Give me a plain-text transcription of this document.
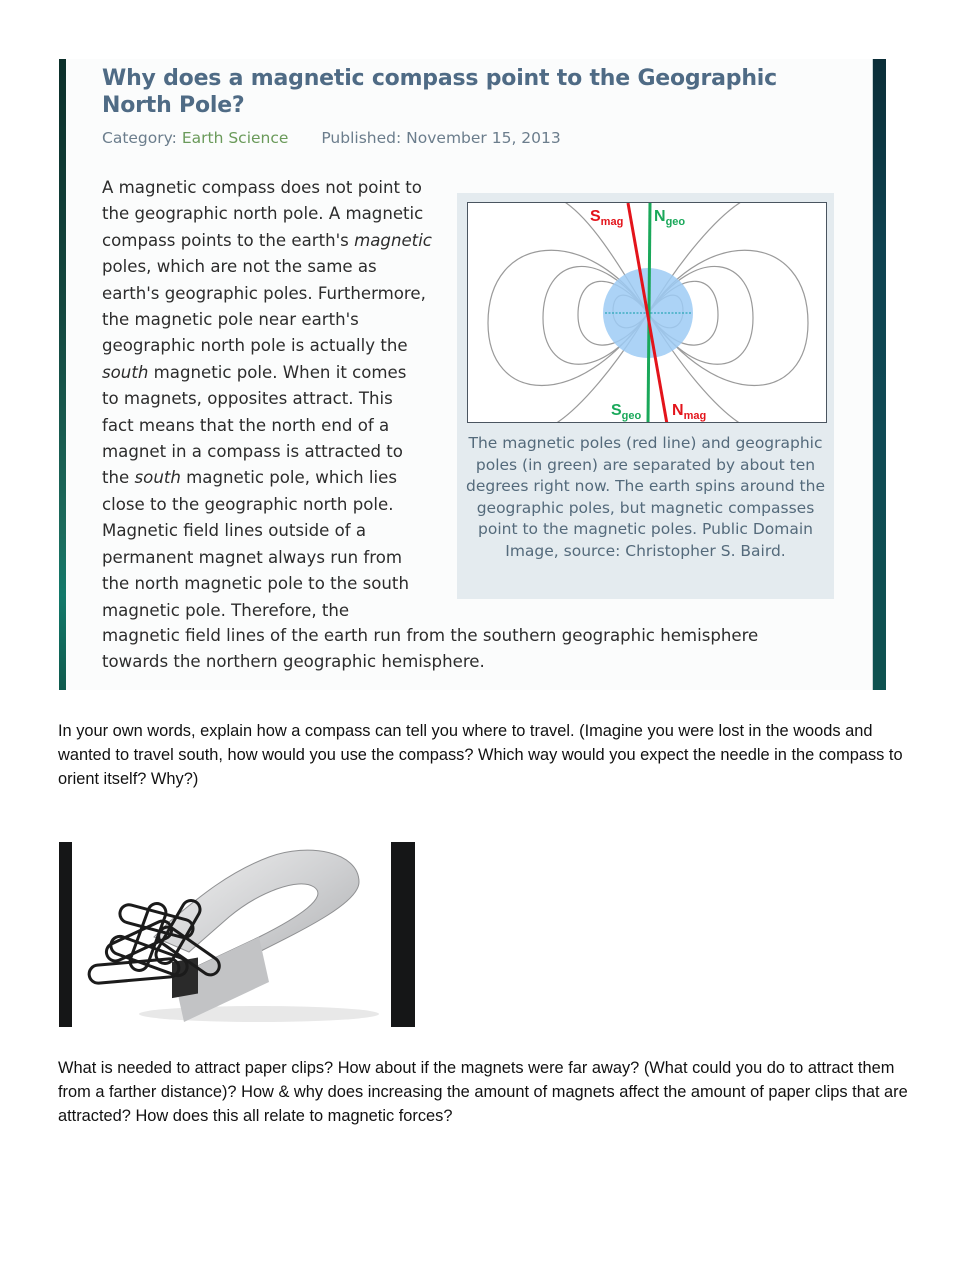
Why does a magnetic compass point to the Geographic North Pole?
Category: Earth Science Published: November 15, 2013

A magnetic compass does not point to
the geographic north pole. A magnetic
compass points to the earth's magnetic
poles, which are not the same as
earth's geographic poles. Furthermore,
the magnetic pole near earth's
geographic north pole is actually the
south magnetic pole. When it comes
to magnets, opposites attract. This
fact means that the north end of a
magnet in a compass is attracted to
the south magnetic pole, which lies
close to the geographic north pole.
Magnetic field lines outside of a
permanent magnet always run from
the north magnetic pole to the south
magnetic pole. Therefore, the

$S_{mag}$ $N_{geo}$
$S_{geo}$ $N_{mag}$

The magnetic poles (red line) and geographic poles (in green) are separated by about ten degrees right now. The earth spins around the geographic poles, but magnetic compasses point to the magnetic poles. Public Domain Image, source: Christopher S. Baird.

magnetic field lines of the earth run from the southern geographic hemisphere
towards the northern geographic hemisphere.

In your own words, explain how a compass can tell you where to travel. (Imagine you were lost in the woods and wanted to travel south, how would you use the compass? Which way would you expect the needle in the compass to orient itself? Why?)

What is needed to attract paper clips? How about if the magnets were far away? (What could you do to attract them from a farther distance)? How & why does increasing the amount of magnets affect the amount of paper clips that are attracted? How does this all relate to magnetic forces?
